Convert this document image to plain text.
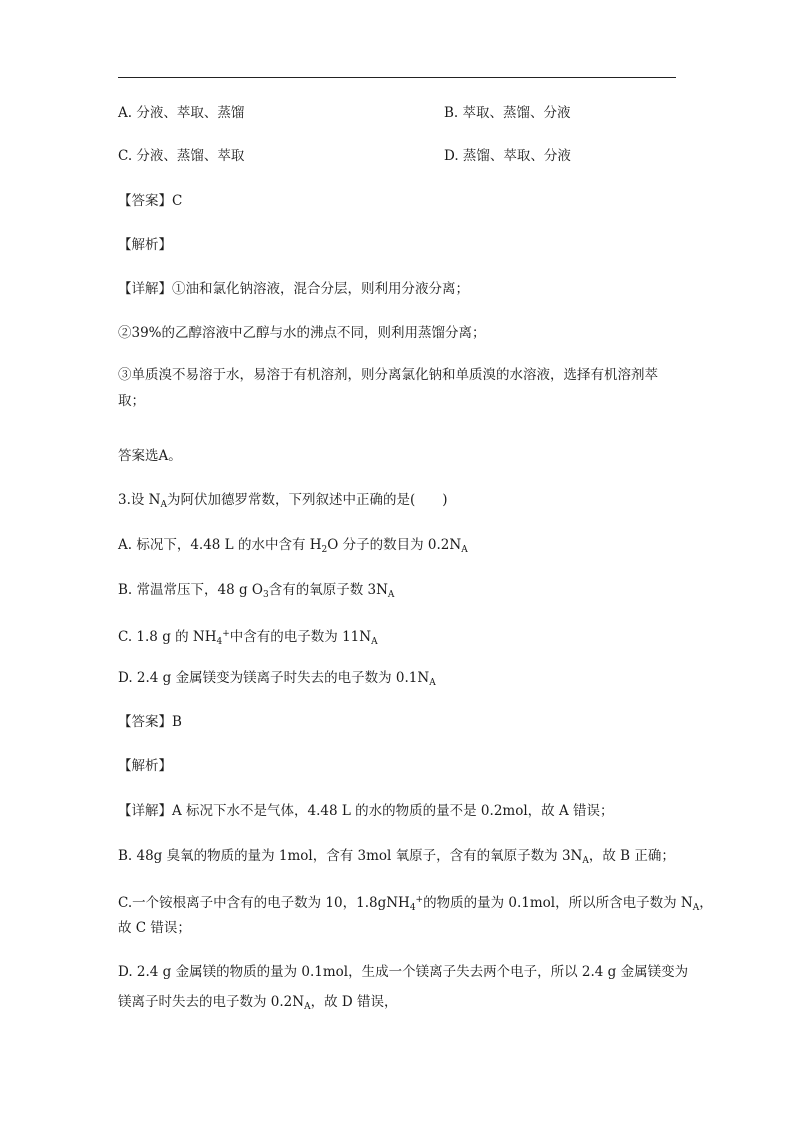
A. 分液、萃取、蒸馏	B. 萃取、蒸馏、分液
C. 分液、蒸馏、萃取	D. 蒸馏、萃取、分液
【答案】C
【解析】
【详解】①油和氯化钠溶液，混合分层，则利用分液分离；
②39%的乙醇溶液中乙醇与水的沸点不同，则利用蒸馏分离；
③单质溴不易溶于水，易溶于有机溶剂，则分离氯化钠和单质溴的水溶液，选择有机溶剂萃取；
答案选A。
3.设 $N_A$为阿伏加德罗常数，下列叙述中正确的是(　　)
A. 标况下，4.48 L 的水中含有 $H_2O$ 分子的数目为 $0.2N_A$
B. 常温常压下，48 g $O_3$含有的氧原子数 $3N_A$
C. 1.8 g 的 $NH_4^+$中含有的电子数为 $11N_A$
D. 2.4 g 金属镁变为镁离子时失去的电子数为 $0.1N_A$
【答案】B
【解析】
【详解】A 标况下水不是气体，4.48 L 的水的物质的量不是 0.2mol，故 A 错误；
B. 48g 臭氧的物质的量为 1mol，含有 3mol 氧原子，含有的氧原子数为 $3N_A$，故 B 正确；
C.一个铵根离子中含有的电子数为 10，1.8gNH$_4$+的物质的量为 0.1mol，所以所含电子数为 $N_A$，
故 C 错误；
D. 2.4 g 金属镁的物质的量为 0.1mol，生成一个镁离子失去两个电子，所以 2.4 g 金属镁变为
镁离子时失去的电子数为 $0.2N_A$，故 D 错误，
